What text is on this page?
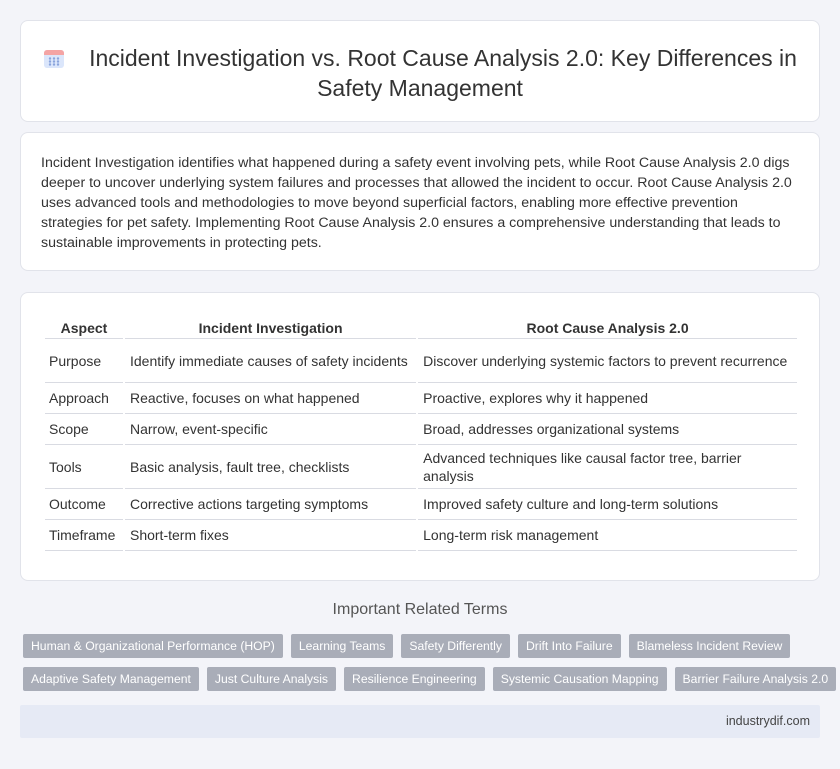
Incident Investigation vs. Root Cause Analysis 2.0: Key Differences in Safety Management

Incident Investigation identifies what happened during a safety event involving pets, while Root Cause Analysis 2.0 digs deeper to uncover underlying system failures and processes that allowed the incident to occur. Root Cause Analysis 2.0 uses advanced tools and methodologies to move beyond superficial factors, enabling more effective prevention strategies for pet safety. Implementing Root Cause Analysis 2.0 ensures a comprehensive understanding that leads to sustainable improvements in protecting pets.

Aspect	Incident Investigation	Root Cause Analysis 2.0
Purpose	Identify immediate causes of safety incidents	Discover underlying systemic factors to prevent recurrence
Approach	Reactive, focuses on what happened	Proactive, explores why it happened
Scope	Narrow, event-specific	Broad, addresses organizational systems
Tools	Basic analysis, fault tree, checklists	Advanced techniques like causal factor tree, barrier analysis
Outcome	Corrective actions targeting symptoms	Improved safety culture and long-term solutions
Timeframe	Short-term fixes	Long-term risk management
Important Related Terms
Human & Organizational Performance (HOP)	Learning Teams	Safety Differently	Drift Into Failure	Blameless Incident Review
Adaptive Safety Management	Just Culture Analysis	Resilience Engineering	Systemic Causation Mapping	Barrier Failure Analysis 2.0
industrydif.com
